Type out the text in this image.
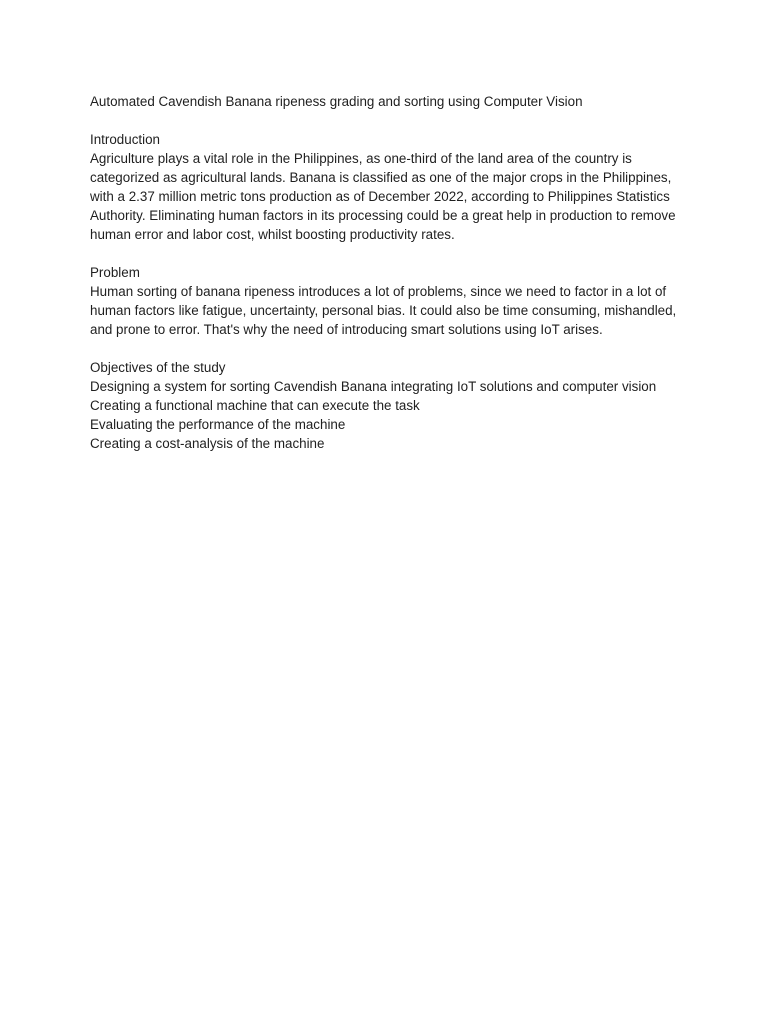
Automated Cavendish Banana ripeness grading and sorting using Computer Vision
Introduction

Agriculture plays a vital role in the Philippines, as one-third of the land area of the country is categorized as agricultural lands. Banana is classified as one of the major crops in the Philippines, with a 2.37 million metric tons production as of December 2022, according to Philippines Statistics Authority. Eliminating human factors in its processing could be a great help in production to remove human error and labor cost, whilst boosting productivity rates.

Problem

Human sorting of banana ripeness introduces a lot of problems, since we need to factor in a lot of human factors like fatigue, uncertainty, personal bias. It could also be time consuming, mishandled, and prone to error. That's why the need of introducing smart solutions using IoT arises.

Objectives of the study
Designing a system for sorting Cavendish Banana integrating IoT solutions and computer vision
Creating a functional machine that can execute the task
Evaluating the performance of the machine
Creating a cost-analysis of the machine
